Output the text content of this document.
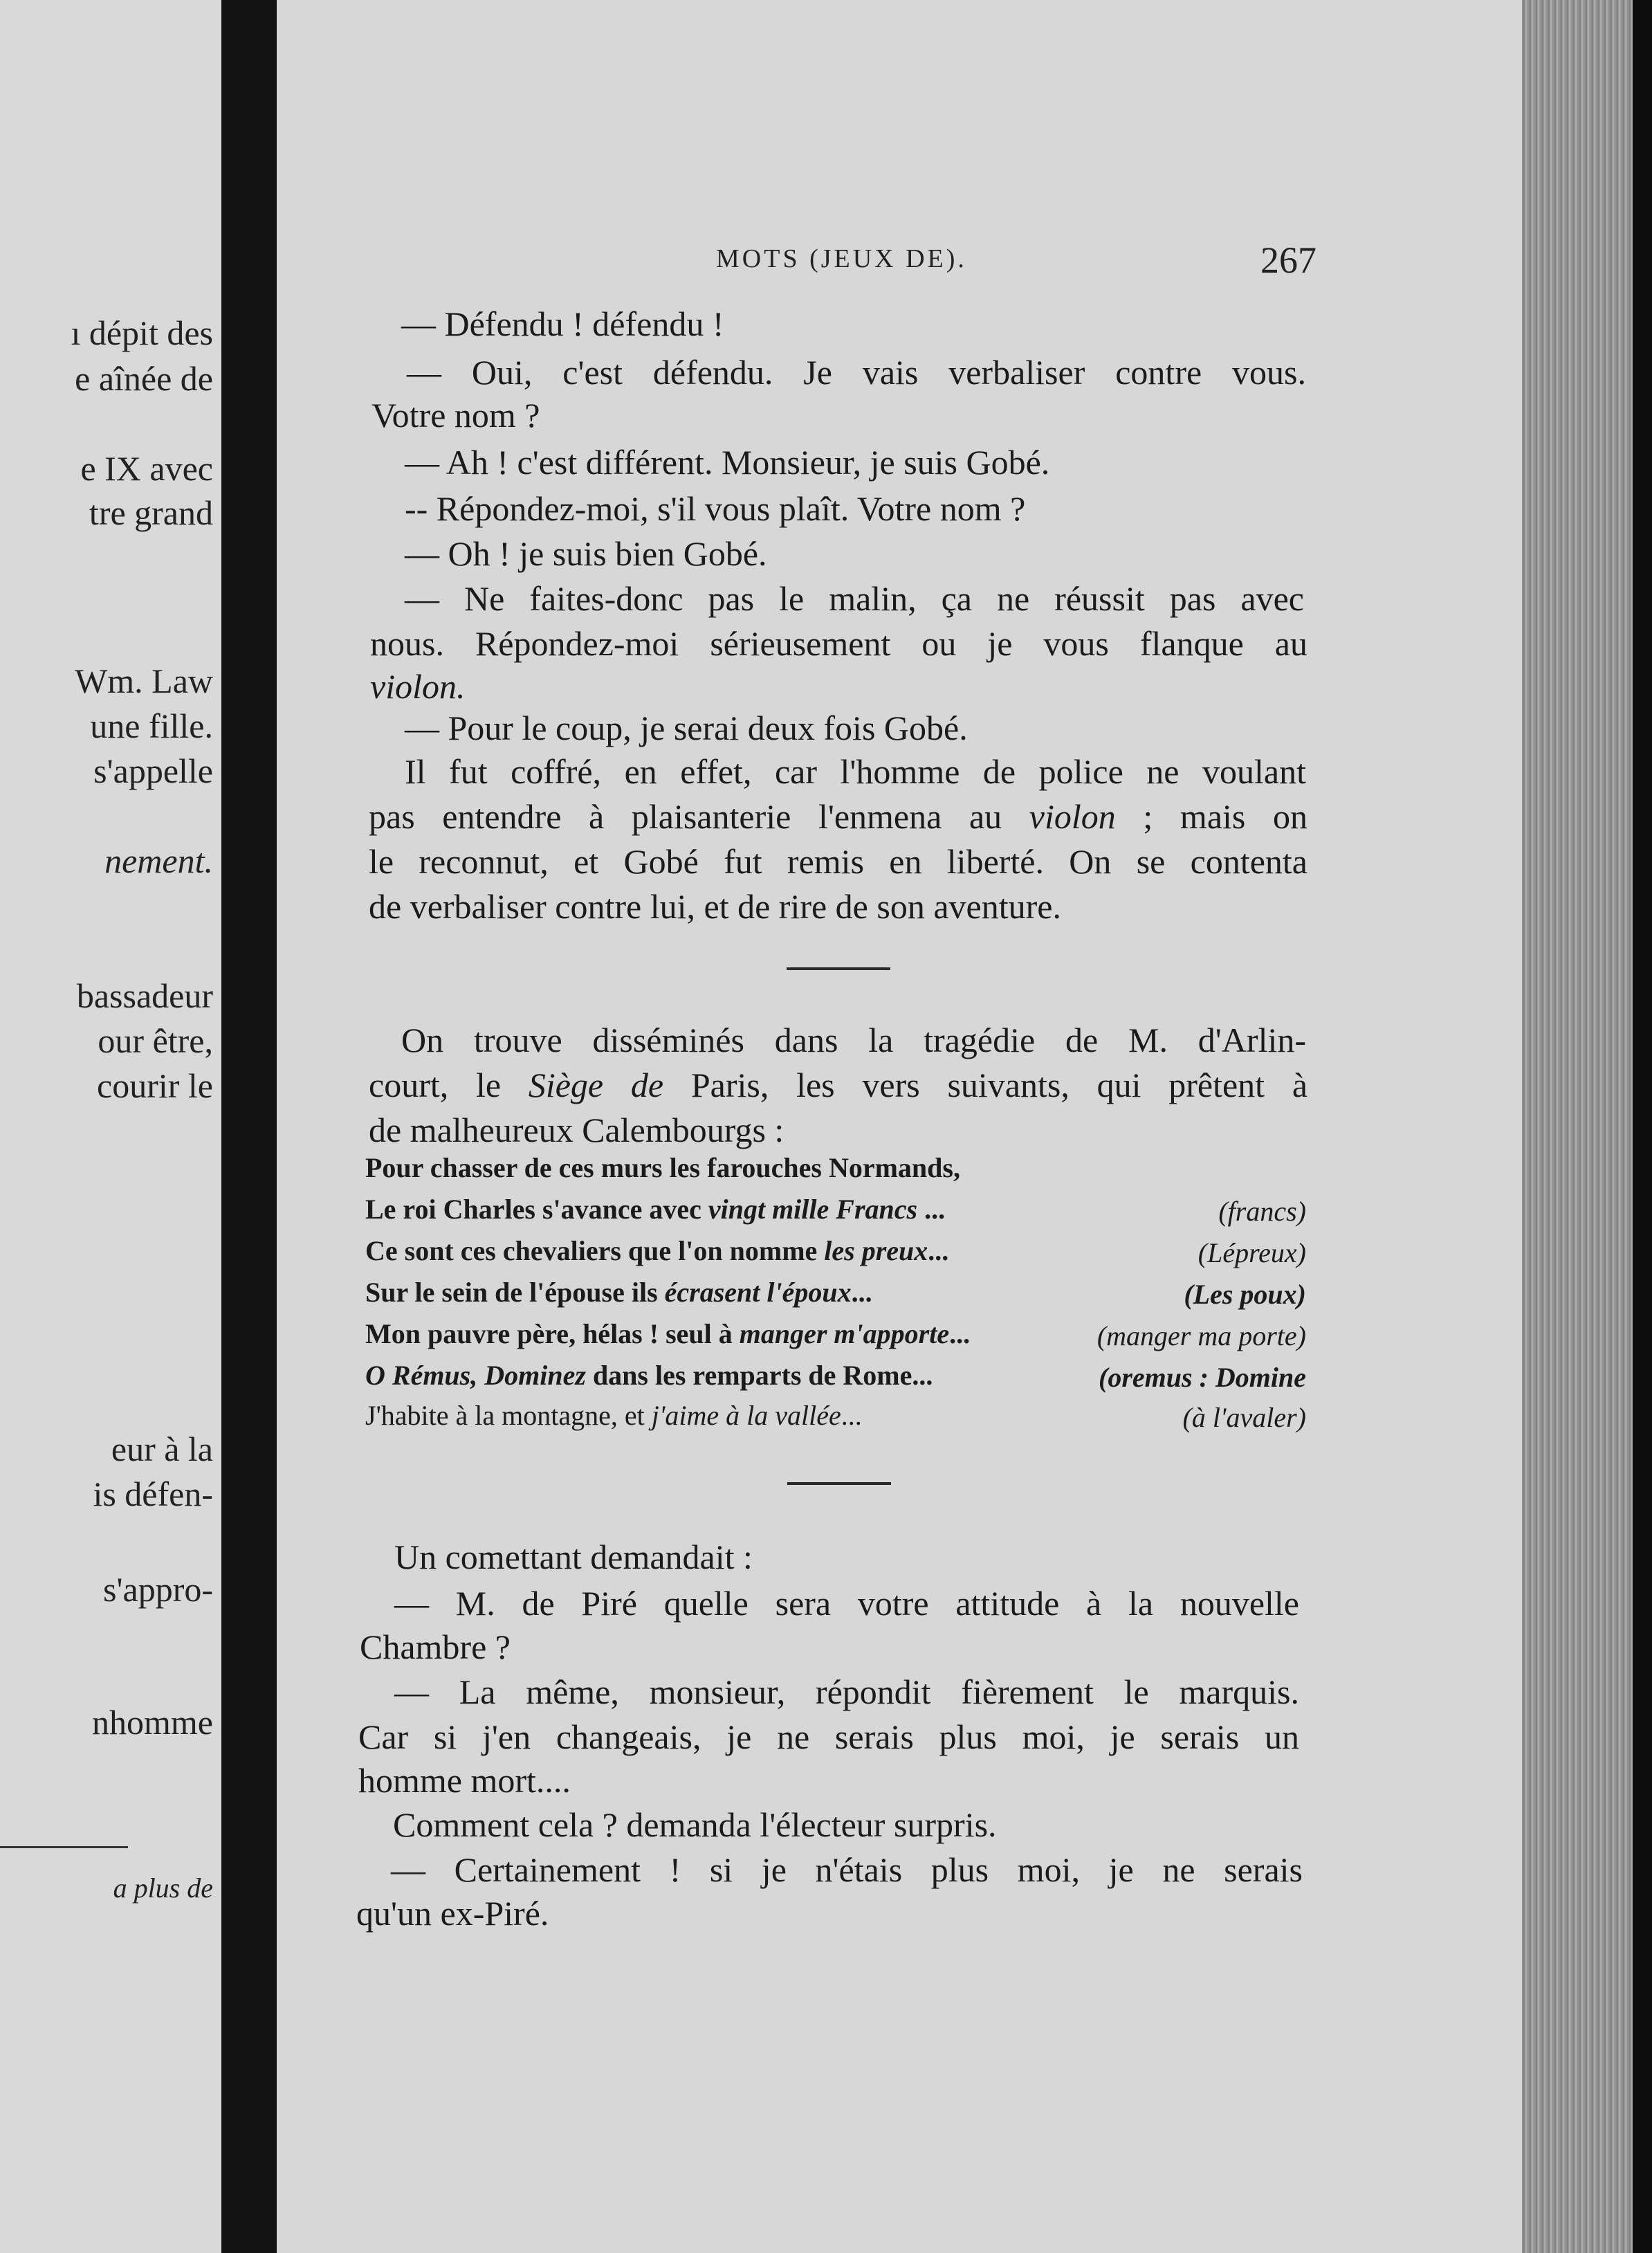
ı dépit des
e aînée de
e IX avec
tre grand
Wm. Law
une fille.
s'appelle
nement.
bassadeur
our être,
courir le
eur à la
is défen-
s'appro-
nhomme
a plus de
MOTS (JEUX DE).	267
— Défendu ! défendu !
— Oui, c'est défendu. Je vais verbaliser contre vous.
Votre nom ?
— Ah ! c'est différent. Monsieur, je suis Gobé.
-- Répondez-moi, s'il vous plaît. Votre nom ?
— Oh ! je suis bien Gobé.
— Ne faites-donc pas le malin, ça ne réussit pas avec
nous. Répondez-moi sérieusement ou je vous flanque au
violon.
— Pour le coup, je serai deux fois Gobé.
Il fut coffré, en effet, car l'homme de police ne voulant
pas entendre à plaisanterie l'enmena au violon ; mais on
le reconnut, et Gobé fut remis en liberté. On se contenta
de verbaliser contre lui, et de rire de son aventure.
On trouve disséminés dans la tragédie de M. d'Arlin-
court, le Siège de Paris, les vers suivants, qui prêtent à
de malheureux Calembourgs :
Pour chasser de ces murs les farouches Normands,
Le roi Charles s'avance avec vingt mille Francs ...	(francs)
Ce sont ces chevaliers que l'on nomme les preux...	(Lépreux)
Sur le sein de l'épouse ils écrasent l'époux...	(Les poux)
Mon pauvre père, hélas ! seul à manger m'apporte...	(manger ma porte)
O Rémus, Dominez dans les remparts de Rome...	(oremus : Domine
J'habite à la montagne, et j'aime à la vallée...	(à l'avaler)
Un comettant demandait :
— M. de Piré quelle sera votre attitude à la nouvelle
Chambre ?
— La même, monsieur, répondit fièrement le marquis.
Car si j'en changeais, je ne serais plus moi, je serais un
homme mort....
Comment cela ? demanda l'électeur surpris.
— Certainement ! si je n'étais plus moi, je ne serais
qu'un ex-Piré.
